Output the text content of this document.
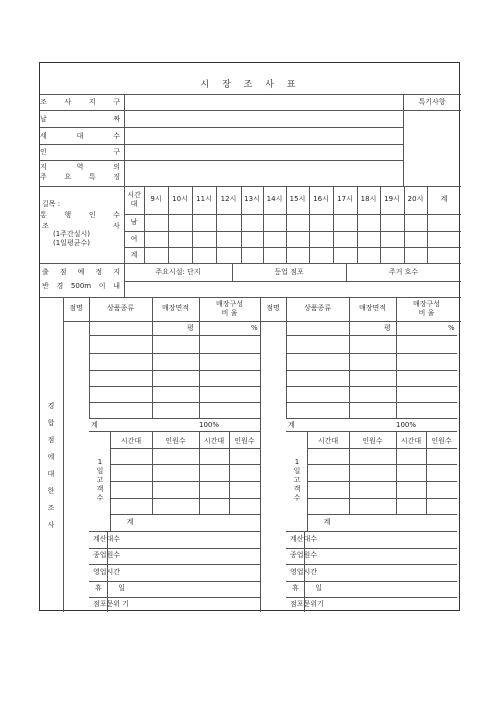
시 장 조 사 표
특기사항
조	사	지	구
날	짜
세	대	수
인	구
지	역	의
주	요	특	징
길목 :
통	행	인	수
조	사
(1주간실시)
(1일평균수)
시간
대
9시	10시	11시	12시	13시 14시	15시	16시	17시	18시	19시	20시	계
남
여
계
출 점 예 정 지
반 경 500m 이 내
주요시설: 단지	등업 점포	주거 호수
경
합
점
에
대
한
조
사
점명	상품종류	매장면적	매장구성
비 율
평	%
계	100%
시간대	인원수	시간대	인원수
계
1
일
고
객
수
계산대수
종업원수
영업시간
휴 일
점포문위 기
점명	상품종류	매장면적	매장구성
비 율
평	%
계	100%
시간대	인원수	시간대	인원수
계
1
일
고
객
수
계산대수
종업원수
영업시간
휴 일
점포문위기
